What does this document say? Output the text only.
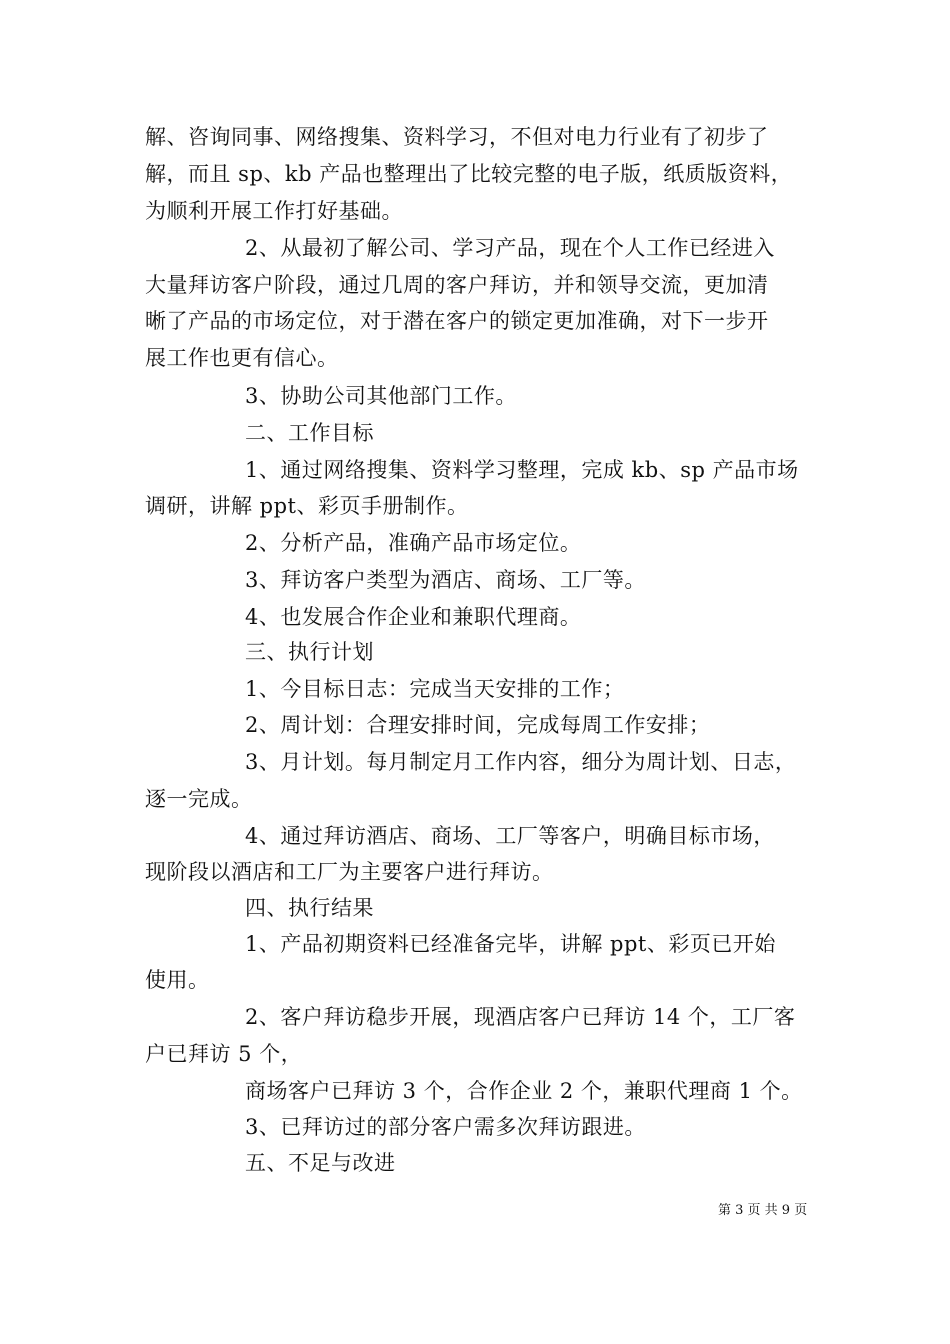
解、咨询同事、网络搜集、资料学习，不但对电力行业有了初步了
解，而且 sp、kb 产品也整理出了比较完整的电子版，纸质版资料，
为顺利开展工作打好基础。
2、从最初了解公司、学习产品，现在个人工作已经进入
大量拜访客户阶段，通过几周的客户拜访，并和领导交流，更加清
晰了产品的市场定位，对于潜在客户的锁定更加准确，对下一步开
展工作也更有信心。
3、协助公司其他部门工作。
二、工作目标
1、通过网络搜集、资料学习整理，完成 kb、sp 产品市场
调研，讲解 ppt、彩页手册制作。
2、分析产品，准确产品市场定位。
3、拜访客户类型为酒店、商场、工厂等。
4、也发展合作企业和兼职代理商。
三、执行计划
1、今目标日志：完成当天安排的工作；
2、周计划：合理安排时间，完成每周工作安排；
3、月计划。每月制定月工作内容，细分为周计划、日志，
逐一完成。
4、通过拜访酒店、商场、工厂等客户，明确目标市场，
现阶段以酒店和工厂为主要客户进行拜访。
四、执行结果
1、产品初期资料已经准备完毕，讲解 ppt、彩页已开始
使用。
2、客户拜访稳步开展，现酒店客户已拜访 14 个，工厂客
户已拜访 5 个，
商场客户已拜访 3 个，合作企业 2 个，兼职代理商 1 个。
3、已拜访过的部分客户需多次拜访跟进。
五、不足与改进
第 3 页 共 9 页
